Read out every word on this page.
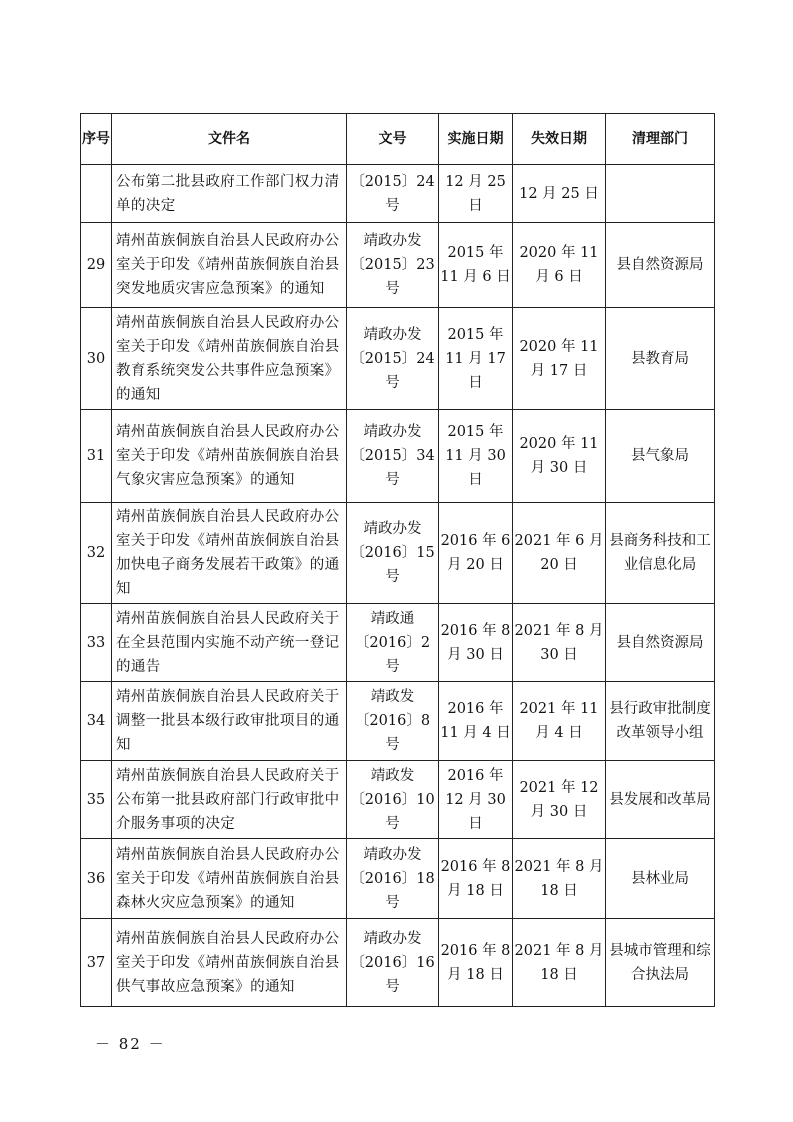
序号	文件名	文号	实施日期	失效日期	清理部门
	公布第二批县政府工作部门权力清单的决定	〔2015〕24 号	12 月 25 日	12 月 25 日	
29	靖州苗族侗族自治县人民政府办公室关于印发《靖州苗族侗族自治县突发地质灾害应急预案》的通知	靖政办发〔2015〕23 号	2015 年 11 月 6 日	2020 年 11 月 6 日	县自然资源局
30	靖州苗族侗族自治县人民政府办公室关于印发《靖州苗族侗族自治县教育系统突发公共事件应急预案》的通知	靖政办发〔2015〕24 号	2015 年 11 月 17 日	2020 年 11 月 17 日	县教育局
31	靖州苗族侗族自治县人民政府办公室关于印发《靖州苗族侗族自治县气象灾害应急预案》的通知	靖政办发〔2015〕34 号	2015 年 11 月 30 日	2020 年 11 月 30 日	县气象局
32	靖州苗族侗族自治县人民政府办公室关于印发《靖州苗族侗族自治县加快电子商务发展若干政策》的通知	靖政办发〔2016〕15 号	2016 年 6 月 20 日	2021 年 6 月 20 日	县商务科技和工业信息化局
33	靖州苗族侗族自治县人民政府关于在全县范围内实施不动产统一登记的通告	靖政通〔2016〕2 号	2016 年 8 月 30 日	2021 年 8 月 30 日	县自然资源局
34	靖州苗族侗族自治县人民政府关于调整一批县本级行政审批项目的通知	靖政发〔2016〕8 号	2016 年 11 月 4 日	2021 年 11 月 4 日	县行政审批制度改革领导小组
35	靖州苗族侗族自治县人民政府关于公布第一批县政府部门行政审批中介服务事项的决定	靖政发〔2016〕10 号	2016 年 12 月 30 日	2021 年 12 月 30 日	县发展和改革局
36	靖州苗族侗族自治县人民政府办公室关于印发《靖州苗族侗族自治县森林火灾应急预案》的通知	靖政办发〔2016〕18 号	2016 年 8 月 18 日	2021 年 8 月 18 日	县林业局
37	靖州苗族侗族自治县人民政府办公室关于印发《靖州苗族侗族自治县供气事故应急预案》的通知	靖政办发〔2016〕16 号	2016 年 8 月 18 日	2021 年 8 月 18 日	县城市管理和综合执法局
－ 82 －
